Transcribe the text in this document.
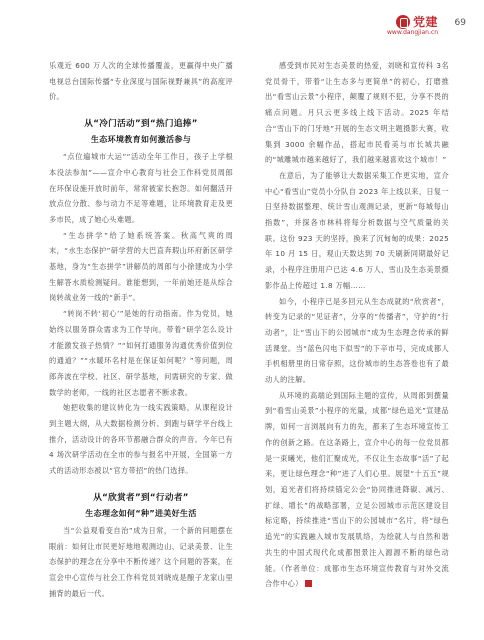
党建
www.dangjian.cn
69

乐观近 600 万人次的全球传播覆盖，更赢得中央广播电视总台国际传播“专业深度与国际视野兼具”的高度评价。

从“冷门活动”到“热门追捧”
生态环境教育如何激活参与

“点位遍城市大运”“活动全年工作日，孩子上学根本没法参加”——宣介中心教育与社会工作科党员周郎在环保设施开放时前年，常常被家长抱怨。如何翻活开放点位分散、参与动力不足等难题，让环境教育走及更多市民，成了她心头难题。

“生态拼学”给了她系统答案。秋高气爽的周末，“水生态保护”研学营的大巴直奔瑕山环府新区研学基地，身为“生态拼学”讲解员的周郎与小徐建成为小学生解答水质检测疑问。谁能想到，一年前她还是从综合岗转战业务一线的“新手”。

“转岗不转‘初心’”是她的行动指南。作为党员，她始终以服务群众需求为工作导向。带着“研学怎么设计才能激发孩子热情？”“如何打通服务沟通优秀价值到位的通道？”“水暖环名村是在保证如何呢？”等问题，周郎奔波在学校、社区、研学基地，问需研究的专家、做数学的老师，一线的社区志愿者不断求教。

她把收集的建议转化为一线实践策略，从课程设计到主题大纲，从大数据检测分析、到跑与研学平台线上推介，活动设计的各环节都融合群众的声音。今年已有 4 场次研学活动在全市的参与报名中开展，全国第一方式的活动形态被以“官方带招”的热门选择。

从“欣赏者”到“行动者”
生态理念如何“种”进美好生活

当“公益观看变自治”成为日常，一个新的问题摆在眼前：如何让市民更好地地观测边山、记录美景、让生态保护的理念在分享中不断传递？这个问题的答案，在宣会中心宣传与社会工作科党员刘晓成是酿子龙家山里捕背的最后一代。

感受到市民对生态美景的热爱，刘晓和宣传科 3名党员骨干，带着“让生态多与更简单”的初心，打磨推出“看雪山云景”小程序，颠覆了规则不犯，分享不畏的痛点问题。月只云更多线上线下活动。2025 年结合“雪山下的门牙地”开展的生态文明主题摄影大赛，收集到 3000 余幅作品，搭起市民看美与市长城共融的“城雕城市越来越好了，我们越来越喜欢这个城市！”

在意后，为了能够让大数据采集工作更实地，宣介中心“看雪山”党员小分队自 2023 年上线以来，日复一日坚持数据整理、统计雪山观测记录，更新“每城每山指数”，并探各市林科将每分析数据与空气质量的关联。这份 923 天的坚持，换来了沉甸甸的成果：2025 年 10 月 15 日，观山天数达到 70 天刷新同期最好记录，小程序注册用户已达 4.6 万人，雪山及生态美景摄影作品上传超过 1.8 万幅……

如今，小程序已是多回元从生态成就的“欣赏者”，转变为记录的“见证者”，分享的“传播者”，守护的“行动者”，让“雪山下的公园城市”成为生态理念传承的鲜活课堂。当“蓝色闪电下似雪”的下辛市号，完成成都人手机相册里的日常存照，这份城市的生态答卷也有了最动人的注解。

从环境的高端论到国际主题的宣传，从周郎到撰量到“看雪山美景”小程序的光量，成都“绿色追光”宣建品牌，如何一言浏展向有力的先，都来了生态环境宣传工作的创新之路。在这条路上，宣介中心的每一位党员都是一束曦光，他们汇聚成光，不仅让生态故事“活”了起来，更让绿色理念“种”进了人们心里。展望“十五五”规划，追光者们将持续锚定公会“协同推进降碳、减污、扩绿、增长”的战略部署，立足公园城市示范区建设目标定略，持续推进“雪山下的公园城市”名片，将“绿色追光”的实践融入城市发展肌络，为绘就人与自然和谐共生的中国式现代化成都图景注入源源不断的绿色动能。（作者单位：成都市生态环境宣传教育与对外交流合作中心）
